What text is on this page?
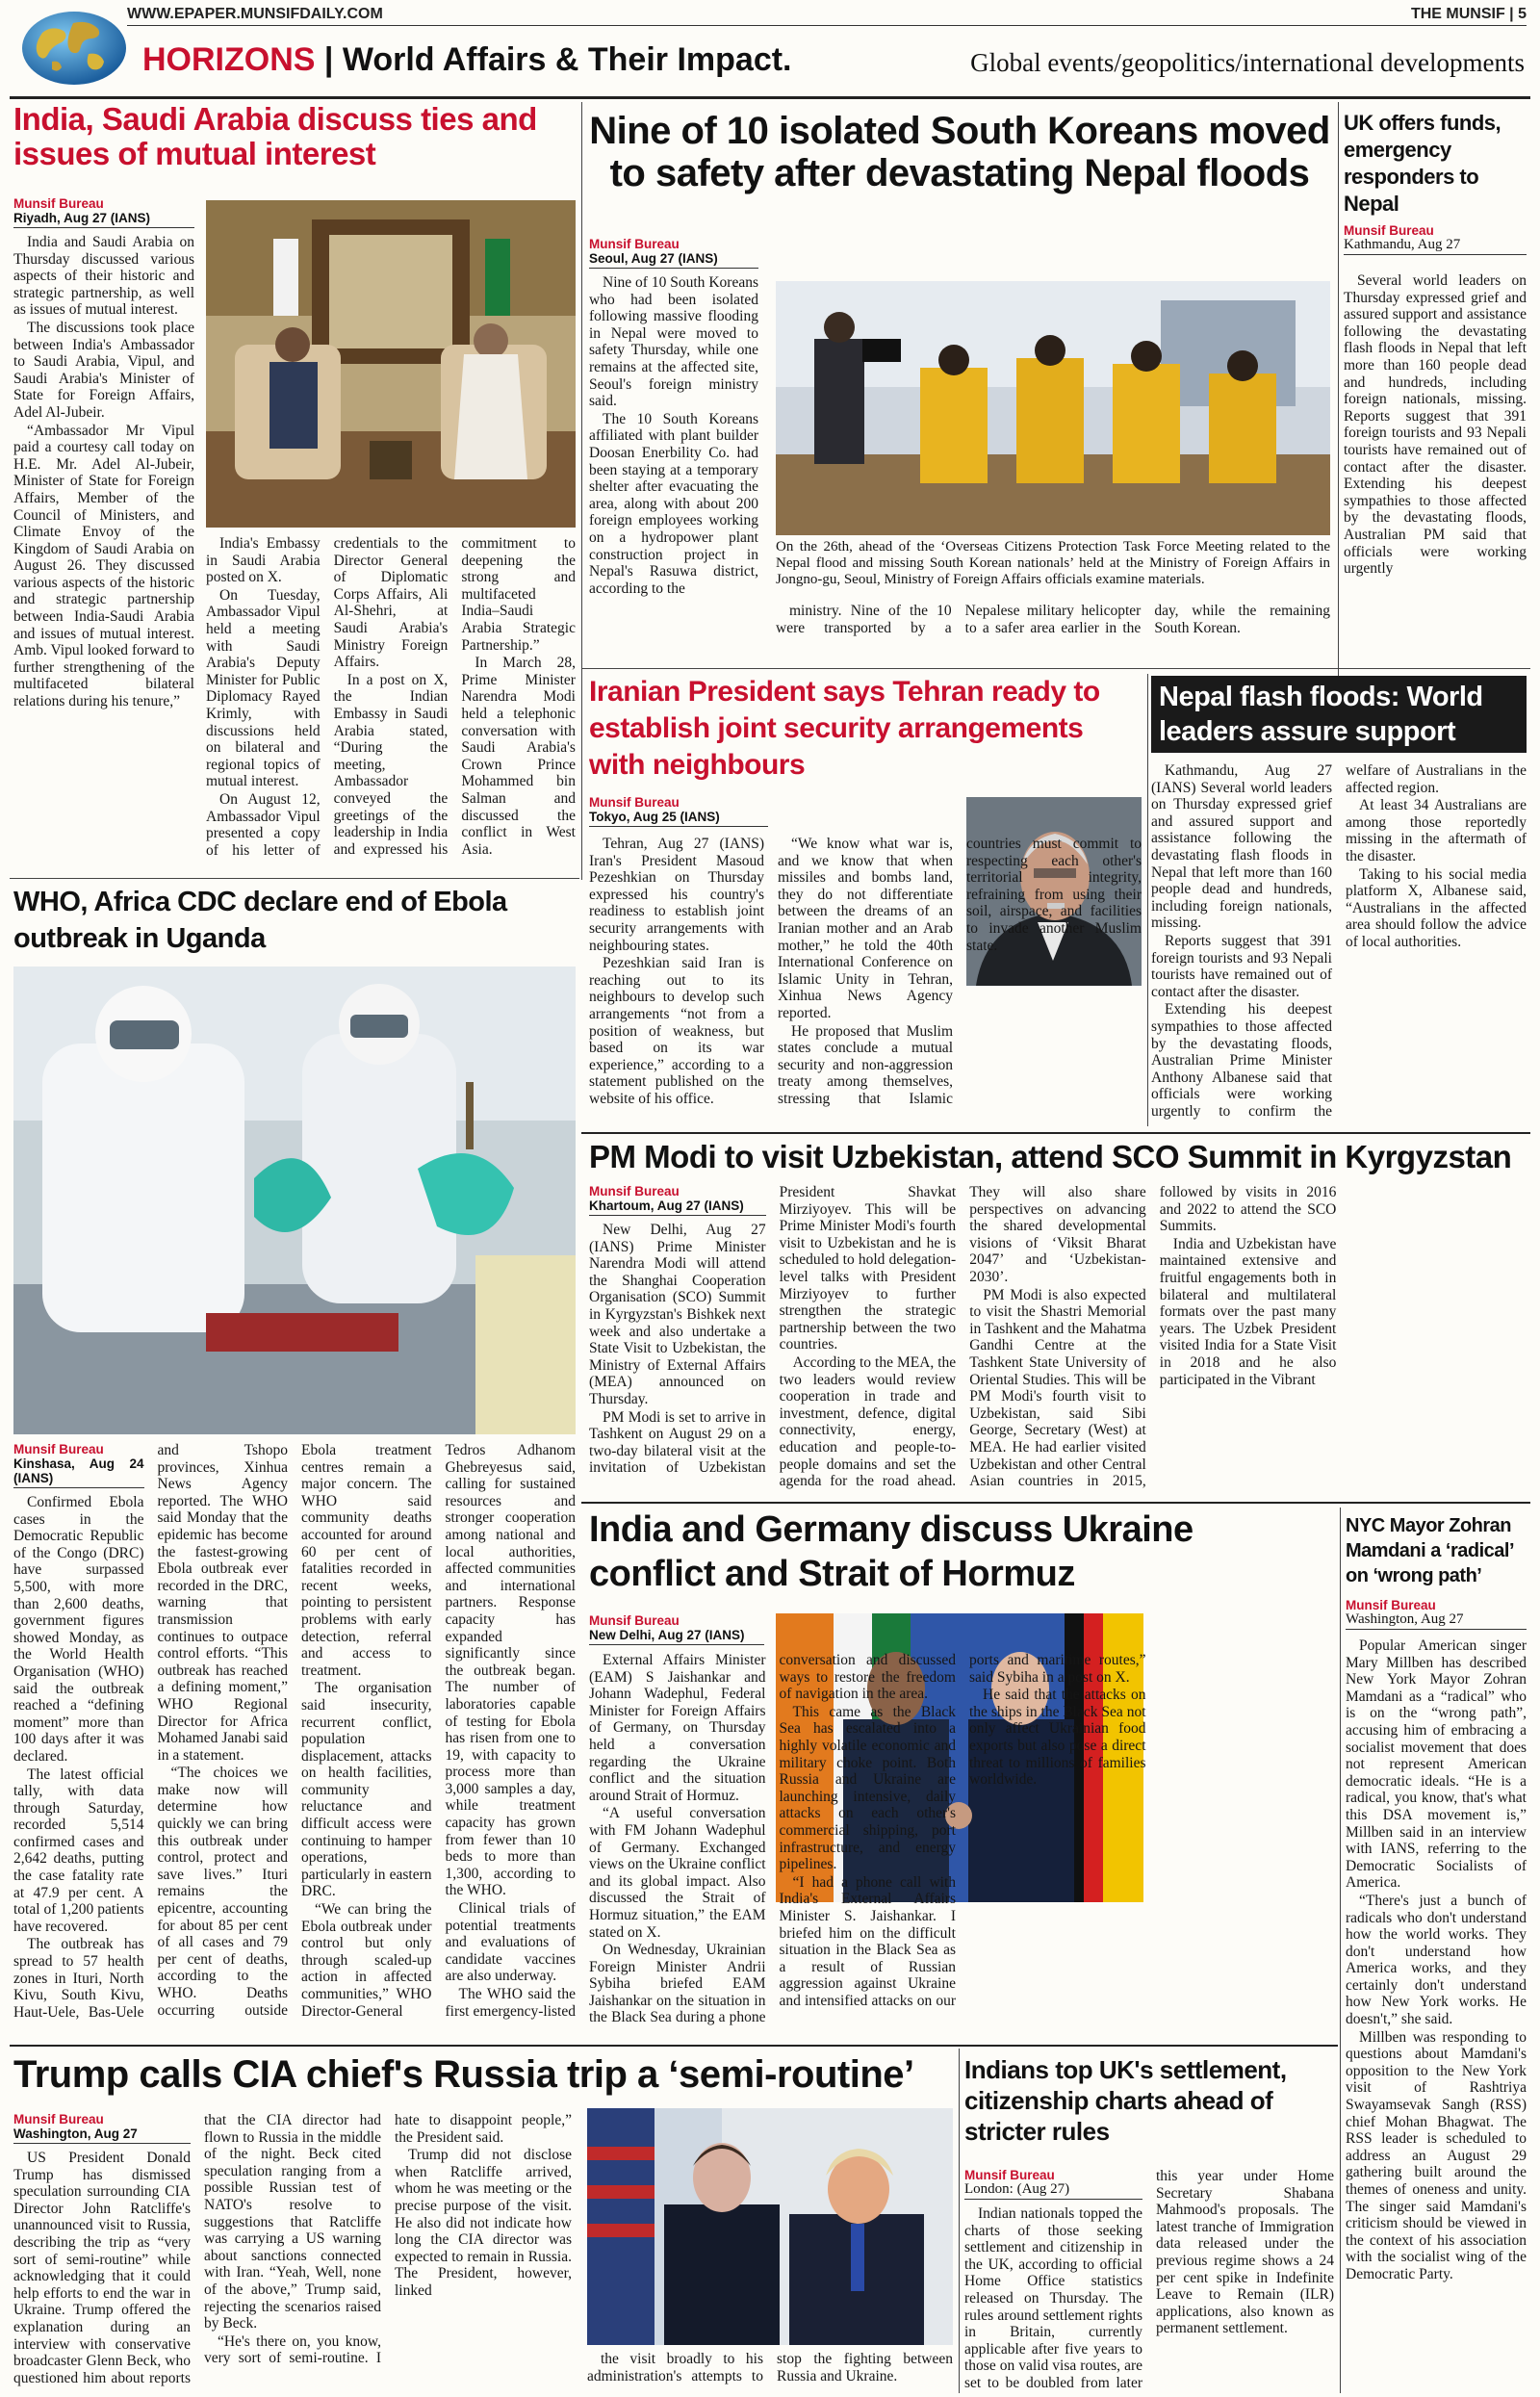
WWW.EPAPER.MUNSIFDAILY.COM	THE MUNSIF | 5
HORIZONS | World Affairs & Their Impact.	Global events/geopolitics/international developments
India, Saudi Arabia discuss ties and issues of mutual interest
Munsif Bureau
Riyadh, Aug 27 (IANS)

India and Saudi Arabia on Thursday discussed various aspects of their historic and strategic partnership, as well as issues of mutual interest.

The discussions took place between India's Ambassador to Saudi Arabia, Vipul, and Saudi Arabia's Minister of State for Foreign Affairs, Adel Al-Jubeir.

“Ambassador Mr Vipul paid a courtesy call today on H.E. Mr. Adel Al-Jubeir, Minister of State for Foreign Affairs, Member of the Council of Ministers, and Climate Envoy of the Kingdom of Saudi Arabia on August 26. They discussed various aspects of the historic and strategic partnership between India-Saudi Arabia and issues of mutual interest. Amb. Vipul looked forward to further strengthening of the multifaceted bilateral relations during his tenure,”

India's Embassy in Saudi Arabia posted on X.

On Tuesday, Ambassador Vipul held a meeting with Saudi Arabia's Deputy Minister for Public Diplomacy Rayed Krimly, with discussions held on bilateral and regional topics of mutual interest.

On August 12, Ambassador Vipul presented a copy of his letter of credentials to the Director General of Diplomatic Corps Affairs, Ali Al-Shehri, at Saudi Arabia's Ministry Foreign Affairs.

In a post on X, the Indian Embassy in Saudi Arabia stated, “During the meeting, Ambassador conveyed the greetings of the leadership in India and expressed his commitment to deepening the strong and multifaceted India–Saudi Arabia Strategic Partnership.”

In March 28, Prime Minister Narendra Modi held a telephonic conversation with Saudi Arabia's Crown Prince Mohammed bin Salman and discussed the conflict in West Asia.

Nine of 10 isolated South Koreans moved to safety after devastating Nepal floods
Munsif Bureau
Seoul, Aug 27 (IANS)

Nine of 10 South Koreans who had been isolated following massive flooding in Nepal were moved to safety Thursday, while one remains at the affected site, Seoul's foreign ministry said.

The 10 South Koreans affiliated with plant builder Doosan Enerbility Co. had been staying at a temporary shelter after evacuating the area, along with about 200 foreign employees working on a hydropower plant construction project in Nepal's Rasuwa district, according to the

On the 26th, ahead of the ‘Overseas Citizens Protection Task Force Meeting related to the Nepal flood and missing South Korean nationals’ held at the Ministry of Foreign Affairs in Jongno-gu, Seoul, Ministry of Foreign Affairs officials examine materials.

ministry. Nine of the 10 were transported by a Nepalese military helicopter to a safer area earlier in the day, while the remaining South Korean.

UK offers funds, emergency responders to Nepal
Munsif Bureau
Kathmandu, Aug 27

Several world leaders on Thursday expressed grief and assured support and assistance following the devastating flash floods in Nepal that left more than 160 people dead and hundreds, including foreign nationals, missing. Reports suggest that 391 foreign tourists and 93 Nepali tourists have remained out of contact after the disaster. Extending his deepest sympathies to those affected by the devastating floods, Australian PM said that officials were working urgently

Iranian President says Tehran ready to establish joint security arrangements with neighbours
Munsif Bureau
Tokyo, Aug 25 (IANS)

Tehran, Aug 27 (IANS) Iran's President Masoud Pezeshkian on Thursday expressed his country's readiness to establish joint security arrangements with neighbouring states.

Pezeshkian said Iran is reaching out to its neighbours to develop such arrangements “not from a position of weakness, but based on its war experience,” according to a statement published on the website of his office.

“We know what war is, and we know that when missiles and bombs land, they do not differentiate between the dreams of an Iranian mother and an Arab mother,” he told the 40th International Conference on Islamic Unity in Tehran, Xinhua News Agency reported.

He proposed that Muslim states conclude a mutual security and non-aggression treaty among themselves, stressing that Islamic countries must commit to respecting each other's territorial integrity, refraining from using their soil, airspace, and facilities to invade another Muslim state.

Nepal flash floods: World leaders assure support

Kathmandu, Aug 27 (IANS) Several world leaders on Thursday expressed grief and assured support and assistance following the devastating flash floods in Nepal that left more than 160 people dead and hundreds, including foreign nationals, missing.

Reports suggest that 391 foreign tourists and 93 Nepali tourists have remained out of contact after the disaster.

Extending his deepest sympathies to those affected by the devastating floods, Australian Prime Minister Anthony Albanese said that officials were working urgently to confirm the welfare of Australians in the affected region.

At least 34 Australians are among those reportedly missing in the aftermath of the disaster.

Taking to his social media platform X, Albanese said, “Australians in the affected area should follow the advice of local authorities.

WHO, Africa CDC declare end of Ebola outbreak in Uganda
Munsif Bureau
Kinshasa, Aug 24 (IANS)

Confirmed Ebola cases in the Democratic Republic of the Congo (DRC) have surpassed 5,500, with more than 2,600 deaths, government figures showed Monday, as the World Health Organisation (WHO) said the outbreak reached a “defining moment” more than 100 days after it was declared.

The latest official tally, with data through Saturday, recorded 5,514 confirmed cases and 2,642 deaths, putting the case fatality rate at 47.9 per cent. A total of 1,200 patients have recovered.

The outbreak has spread to 57 health zones in Ituri, North Kivu, South Kivu, Haut-Uele, Bas-Uele and Tshopo provinces, Xinhua News Agency reported. The WHO said Monday that the epidemic has become the fastest-growing Ebola outbreak ever recorded in the DRC, warning that transmission continues to outpace control efforts. “This outbreak has reached a defining moment,” WHO Regional Director for Africa Mohamed Janabi said in a statement.

“The choices we make now will determine how quickly we can bring this outbreak under control, protect and save lives.” Ituri remains the epicentre, accounting for about 85 per cent of all cases and 79 per cent of deaths, according to the WHO. Deaths occurring outside Ebola treatment centres remain a major concern. The WHO said community deaths accounted for around 60 per cent of fatalities recorded in recent weeks, pointing to persistent problems with early detection, referral and access to treatment.

The organisation said insecurity, recurrent conflict, population displacement, attacks on health facilities, community reluctance and difficult access were continuing to hamper operations, particularly in eastern DRC.

“We can bring the Ebola outbreak under control but only through scaled-up action in affected communities,” WHO Director-General Tedros Adhanom Ghebreyesus said, calling for sustained resources and stronger cooperation among national and local authorities, affected communities and international partners. Response capacity has expanded significantly since the outbreak began. The number of laboratories capable of testing for Ebola has risen from one to 19, with capacity to process more than 3,000 samples a day, while treatment capacity has grown from fewer than 10 beds to more than 1,300, according to the WHO.

Clinical trials of potential treatments and evaluations of candidate vaccines are also underway.

The WHO said the first emergency-listed

PM Modi to visit Uzbekistan, attend SCO Summit in Kyrgyzstan
Munsif Bureau
Khartoum, Aug 27 (IANS)

New Delhi, Aug 27 (IANS) Prime Minister Narendra Modi will attend the Shanghai Cooperation Organisation (SCO) Summit in Kyrgyzstan's Bishkek next week and also undertake a State Visit to Uzbekistan, the Ministry of External Affairs (MEA) announced on Thursday.

PM Modi is set to arrive in Tashkent on August 29 on a two-day bilateral visit at the invitation of Uzbekistan President Shavkat Mirziyoyev. This will be Prime Minister Modi's fourth visit to Uzbekistan and he is scheduled to hold delegation-level talks with President Mirziyoyev to further strengthen the strategic partnership between the two countries.

According to the MEA, the two leaders would review cooperation in trade and investment, defence, digital connectivity, energy, education and people-to-people domains and set the agenda for the road ahead. They will also share perspectives on advancing the shared developmental visions of ‘Viksit Bharat 2047’ and ‘Uzbekistan-2030’.

PM Modi is also expected to visit the Shastri Memorial in Tashkent and the Mahatma Gandhi Centre at the Tashkent State University of Oriental Studies. This will be PM Modi's fourth visit to Uzbekistan, said Sibi George, Secretary (West) at MEA. He had earlier visited Uzbekistan and other Central Asian countries in 2015, followed by visits in 2016 and 2022 to attend the SCO Summits.

India and Uzbekistan have maintained extensive and fruitful engagements both in bilateral and multilateral formats over the past many years. The Uzbek President visited India for a State Visit in 2018 and he also participated in the Vibrant

India and Germany discuss Ukraine conflict and Strait of Hormuz
Munsif Bureau
New Delhi, Aug 27 (IANS)

External Affairs Minister (EAM) S Jaishankar and Johann Wadephul, Federal Minister for Foreign Affairs of Germany, on Thursday held a conversation regarding the Ukraine conflict and the situation around Strait of Hormuz.

“A useful conversation with FM Johann Wadephul of Germany. Exchanged views on the Ukraine conflict and its global impact. Also discussed the Strait of Hormuz situation,” the EAM stated on X.

On Wednesday, Ukrainian Foreign Minister Andrii Sybiha briefed EAM Jaishankar on the situation in the Black Sea during a phone conversation and discussed ways to restore the freedom of navigation in the area.

This came as the Black Sea has escalated into a highly volatile economic and military choke point. Both Russia and Ukraine are launching intensive, daily attacks on each other's commercial shipping, port infrastructure, and energy pipelines.

“I had a phone call with India's External Affairs Minister S. Jaishankar. I briefed him on the difficult situation in the Black Sea as a result of Russian aggression against Ukraine and intensified attacks on our ports and maritime routes,” said Sybiha in a post on X.

He said that the attacks on the ships in the Black Sea not only affect Ukrainian food exports but also pose a direct threat to millions of families worldwide.

NYC Mayor Zohran Mamdani a ‘radical’ on ‘wrong path’
Munsif Bureau
Washington, Aug 27

Popular American singer Mary Millben has described New York Mayor Zohran Mamdani as a “radical” who is on the “wrong path”, accusing him of embracing a socialist movement that does not represent American democratic ideals. “He is a radical, you know, that's what this DSA movement is,” Millben said in an interview with IANS, referring to the Democratic Socialists of America.

“There's just a bunch of radicals who don't understand how the world works. They don't understand how America works, and they certainly don't understand how New York works. He doesn't,” she said.

Millben was responding to questions about Mamdani's opposition to the New York visit of Rashtriya Swayamsevak Sangh (RSS) chief Mohan Bhagwat. The RSS leader is scheduled to address an August 29 gathering built around the themes of oneness and unity. The singer said Mamdani's criticism should be viewed in the context of his association with the socialist wing of the Democratic Party.

Trump calls CIA chief's Russia trip a ‘semi-routine’
Munsif Bureau
Washington, Aug 27

US President Donald Trump has dismissed speculation surrounding CIA Director John Ratcliffe's unannounced visit to Russia, describing the trip as “very sort of semi-routine” while acknowledging that it could help efforts to end the war in Ukraine. Trump offered the explanation during an interview with conservative broadcaster Glenn Beck, who questioned him about reports that the CIA director had flown to Russia in the middle of the night. Beck cited speculation ranging from a possible Russian test of NATO's resolve to suggestions that Ratcliffe was carrying a US warning about sanctions connected with Iran. “Yeah, Well, none of the above,” Trump said, rejecting the scenarios raised by Beck.

“He's there on, you know, very sort of semi-routine. I hate to disappoint people,” the President said.

Trump did not disclose when Ratcliffe arrived, whom he was meeting or the precise purpose of the visit. He also did not indicate how long the CIA director was expected to remain in Russia. The President, however, linked

the visit broadly to his administration's attempts to stop the fighting between Russia and Ukraine.

Indians top UK's settlement, citizenship charts ahead of stricter rules
Munsif Bureau
London: (Aug 27)

Indian nationals topped the charts of those seeking settlement and citizenship in the UK, according to official Home Office statistics released on Thursday. The rules around settlement rights in Britain, currently applicable after five years to those on valid visa routes, are set to be doubled from later this year under Home Secretary Shabana Mahmood's proposals. The latest tranche of Immigration data released under the previous regime shows a 24 per cent spike in Indefinite Leave to Remain (ILR) applications, also known as permanent settlement.
